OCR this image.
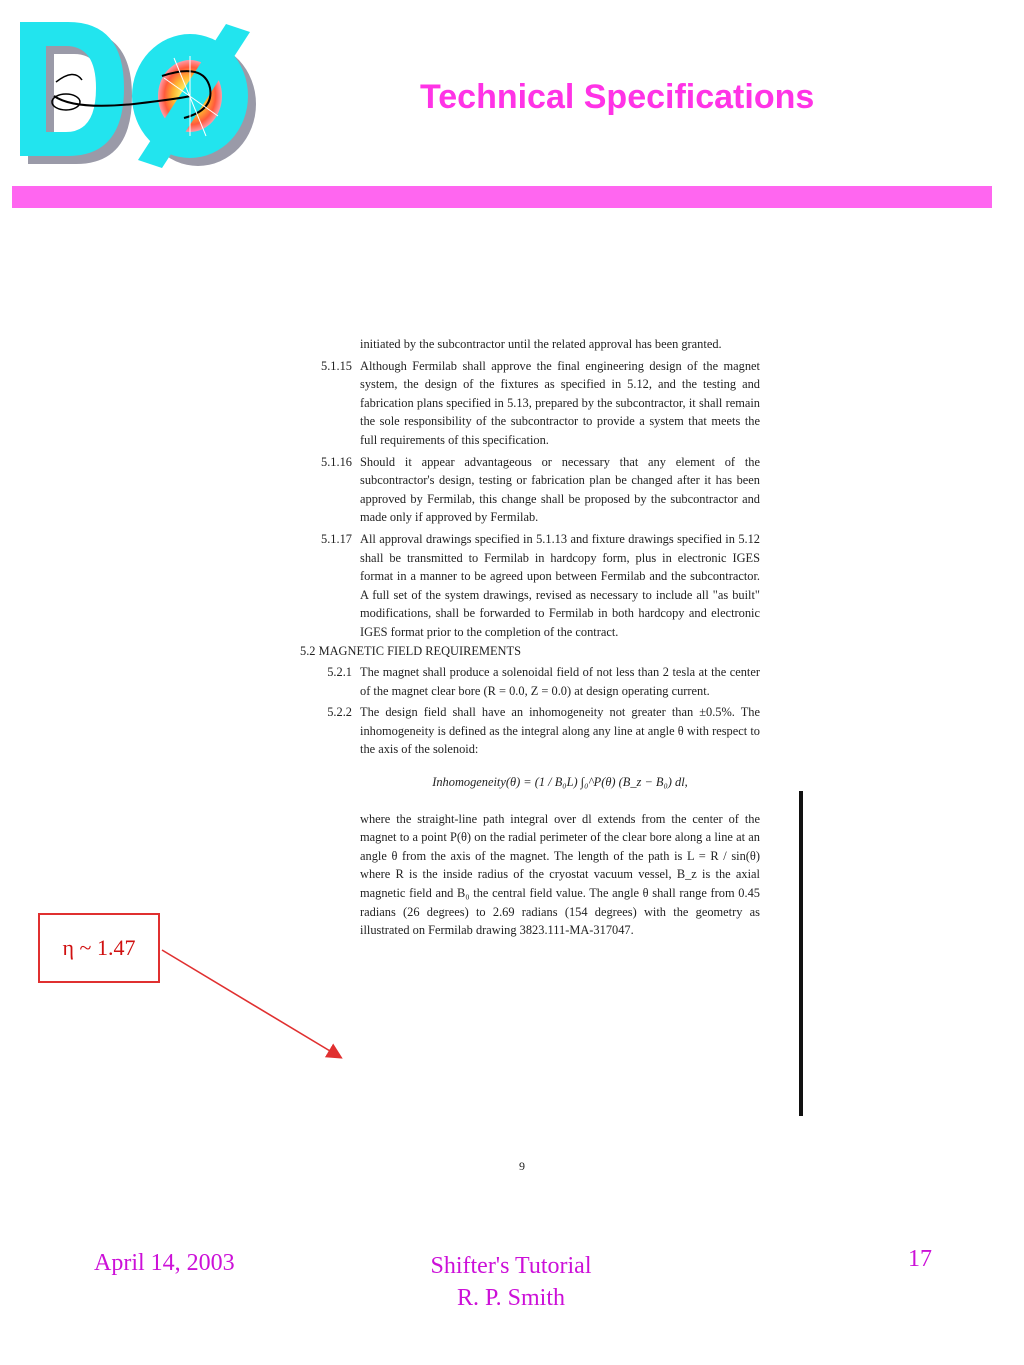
Technical Specifications

initiated by the subcontractor until the related approval has been granted.

5.1.15 Although Fermilab shall approve the final engineering design of the magnet system, the design of the fixtures as specified in 5.12, and the testing and fabrication plans specified in 5.13, prepared by the subcontractor, it shall remain the sole responsibility of the subcontractor to provide a system that meets the full requirements of this specification.

5.1.16 Should it appear advantageous or necessary that any element of the subcontractor's design, testing or fabrication plan be changed after it has been approved by Fermilab, this change shall be proposed by the subcontractor and made only if approved by Fermilab.

5.1.17 All approval drawings specified in 5.1.13 and fixture drawings specified in 5.12 shall be transmitted to Fermilab in hardcopy form, plus in electronic IGES format in a manner to be agreed upon between Fermilab and the subcontractor. A full set of the system drawings, revised as necessary to include all "as built" modifications, shall be forwarded to Fermilab in both hardcopy and electronic IGES format prior to the completion of the contract.

5.2 MAGNETIC FIELD REQUIREMENTS

5.2.1 The magnet shall produce a solenoidal field of not less than 2 tesla at the center of the magnet clear bore (R = 0.0, Z = 0.0) at design operating current.

5.2.2 The design field shall have an inhomogeneity not greater than ±0.5%. The inhomogeneity is defined as the integral along any line at angle θ with respect to the axis of the solenoid:

Inhomogeneity(θ) = (1 / B₀L) ∫₀^P(θ) (B_z − B₀) dl,

where the straight-line path integral over dl extends from the center of the magnet to a point P(θ) on the radial perimeter of the clear bore along a line at an angle θ from the axis of the magnet. The length of the path is L = R / sin(θ) where R is the inside radius of the cryostat vacuum vessel, B_z is the axial magnetic field and B₀ the central field value. The angle θ shall range from 0.45 radians (26 degrees) to 2.69 radians (154 degrees) with the geometry as illustrated on Fermilab drawing 3823.111-MA-317047.

9
η ~ 1.47
April 14, 2003	Shifter's Tutorial
R. P. Smith
17
